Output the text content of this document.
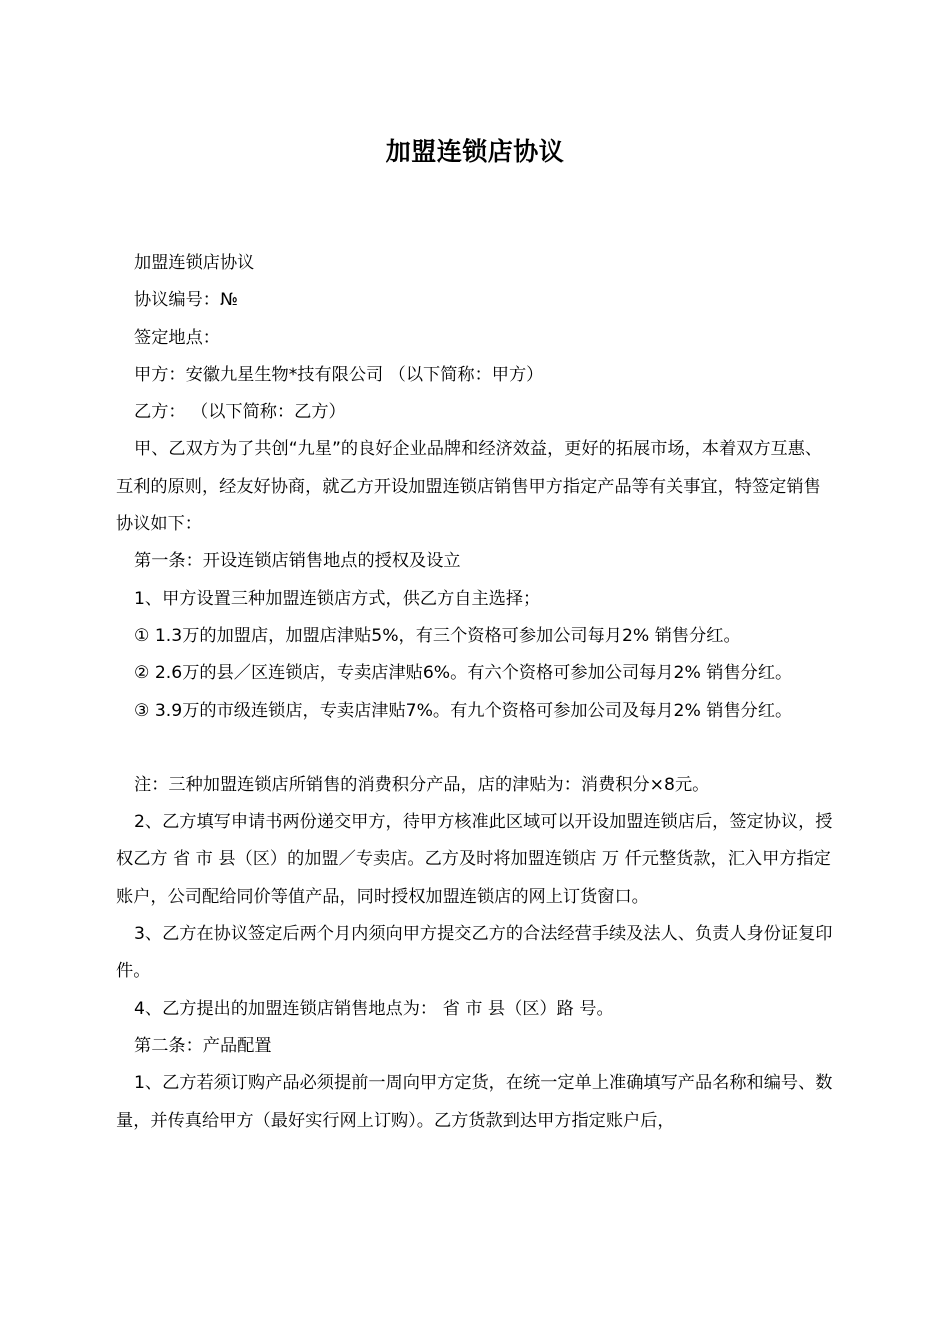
加盟连锁店协议

加盟连锁店协议

协议编号：№

签定地点：

甲方：安徽九星生物*技有限公司 （以下简称：甲方）

乙方： （以下简称：乙方）

甲、乙双方为了共创“九星”的良好企业品牌和经济效益，更好的拓展市场，本着双方互惠、互利的原则，经友好协商，就乙方开设加盟连锁店销售甲方指定产品等有关事宜，特签定销售协议如下：

第一条：开设连锁店销售地点的授权及设立

1、甲方设置三种加盟连锁店方式，供乙方自主选择；

① 1.3万的加盟店，加盟店津贴5%，有三个资格可参加公司每月2% 销售分红。

② 2.6万的县／区连锁店，专卖店津贴6%。有六个资格可参加公司每月2% 销售分红。

③ 3.9万的市级连锁店，专卖店津贴7%。有九个资格可参加公司及每月2% 销售分红。

注：三种加盟连锁店所销售的消费积分产品，店的津贴为：消费积分×8元。

2、乙方填写申请书两份递交甲方，待甲方核准此区域可以开设加盟连锁店后，签定协议，授权乙方 省 市 县（区）的加盟／专卖店。乙方及时将加盟连锁店 万 仟元整货款，汇入甲方指定账户，公司配给同价等值产品，同时授权加盟连锁店的网上订货窗口。

3、乙方在协议签定后两个月内须向甲方提交乙方的合法经营手续及法人、负责人身份证复印件。

4、乙方提出的加盟连锁店销售地点为： 省 市 县（区）路 号。

第二条：产品配置

1、乙方若须订购产品必须提前一周向甲方定货，在统一定单上准确填写产品名称和编号、数量，并传真给甲方（最好实行网上订购）。乙方货款到达甲方指定账户后，
